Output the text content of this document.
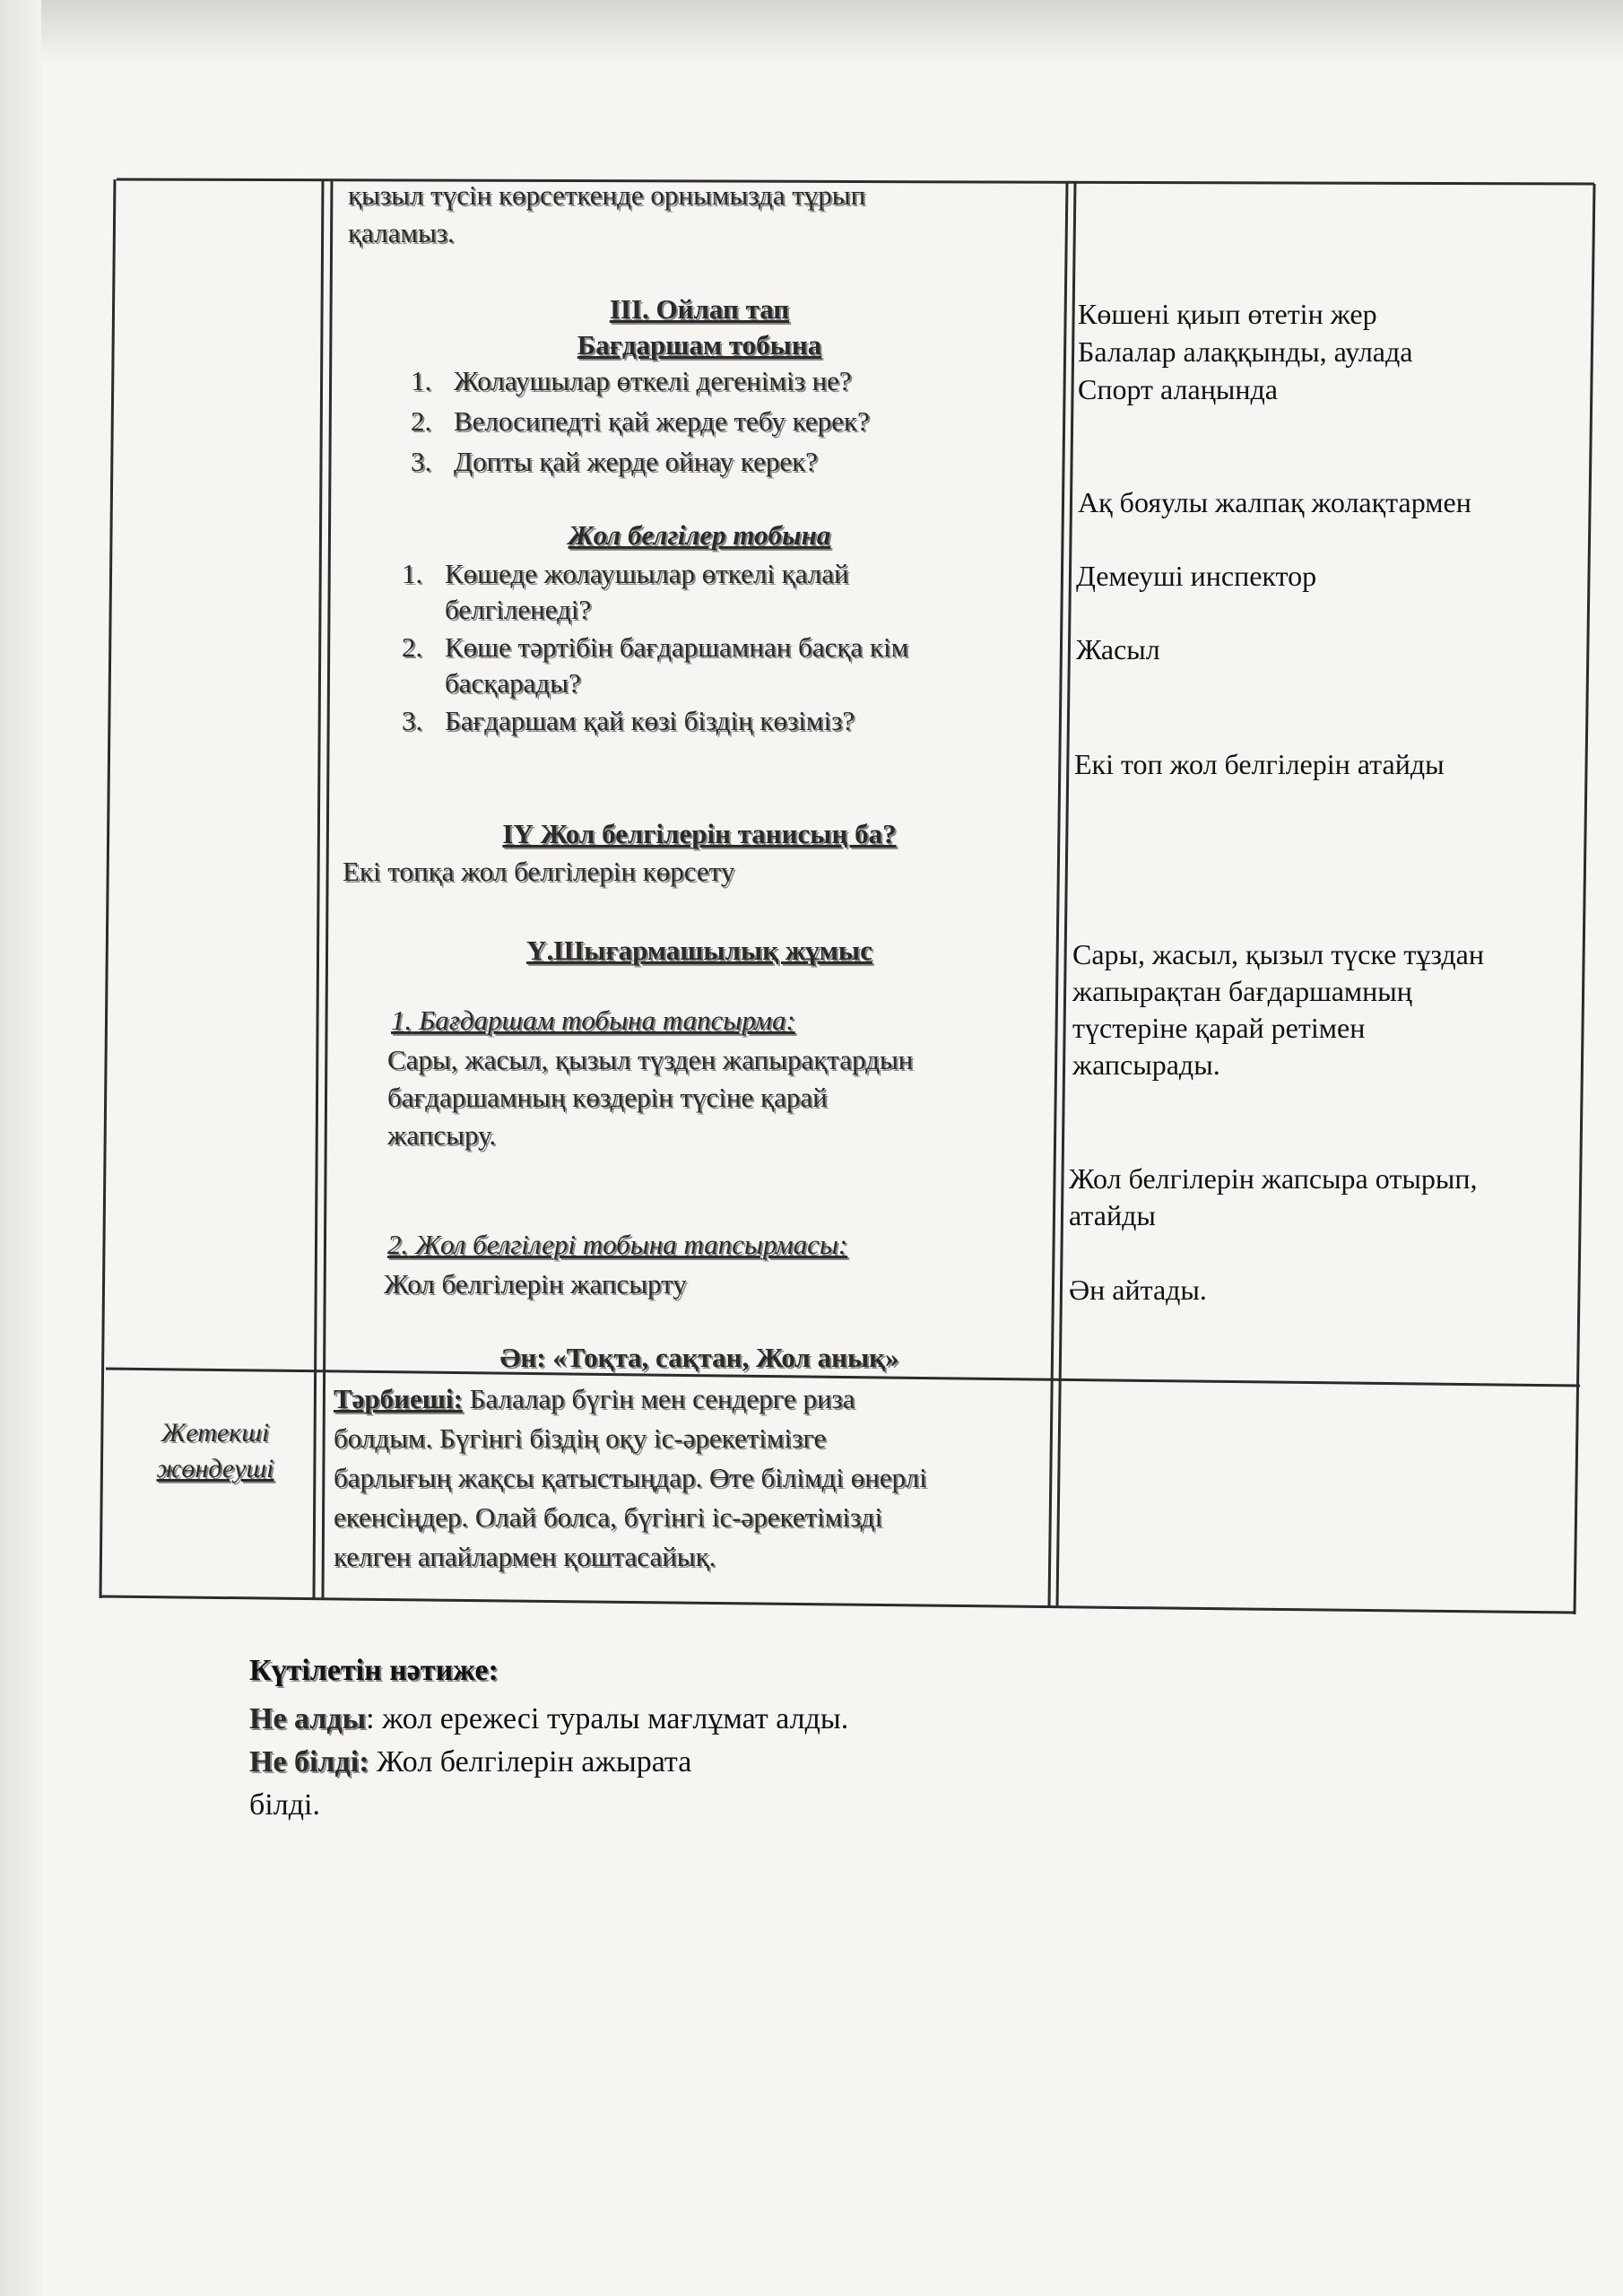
қызыл түсін көрсеткенде орнымызда тұрып
қаламыз.
III. Ойлап тап
Бағдаршам тобына
1. Жолаушылар өткелі дегеніміз не?
2. Велосипедті қай жерде тебу керек?
3. Допты қай жерде ойнау керек?
Жол белгілер тобына
1. Көшеде жолаушылар өткелі қалай
белгіленеді?
2. Көше тәртібін бағдаршамнан басқа кім
басқарады?
3. Бағдаршам қай көзі біздің көзіміз?
IҮ Жол белгілерін танисың ба?
Екі топқа жол белгілерін көрсету
Ү.Шығармашылық жұмыс
1. Бағдаршам тобына тапсырма:
Сары, жасыл, қызыл түзден жапырақтардын
бағдаршамның көздерін түсіне қарай
жапсыру.
2. Жол белгілері тобына тапсырмасы:
Жол белгілерін жапсырту
Ән: «Тоқта, сақтан, Жол анық»
Тәрбиеші: Балалар бүгін мен сендерге риза
болдым. Бүгінгі біздің оқу іс-әрекетімізге
барлығың жақсы қатыстыңдар. Өте білімді өнерлі
екенсіңдер. Олай болса, бүгінгі іс-әрекетімізді
келген апайлармен қоштасайық.
Жетекші
жөндеуші
Көшені қиып өтетін жер
Балалар алаққынды, аулада
Спорт алаңында
Ақ бояулы жалпақ жолақтармен
Демеуші инспектор
Жасыл
Екі топ жол белгілерін атайды
Сары, жасыл, қызыл түске тұздан
жапырақтан бағдаршамның
түстеріне қарай ретімен
жапсырады.
Жол белгілерін жапсыра отырып,
атайды
Ән айтады.
Күтілетін нәтиже:
Не алды: жол ережесі туралы мағлұмат алды.
Не білді: Жол белгілерін ажырата
білді.
